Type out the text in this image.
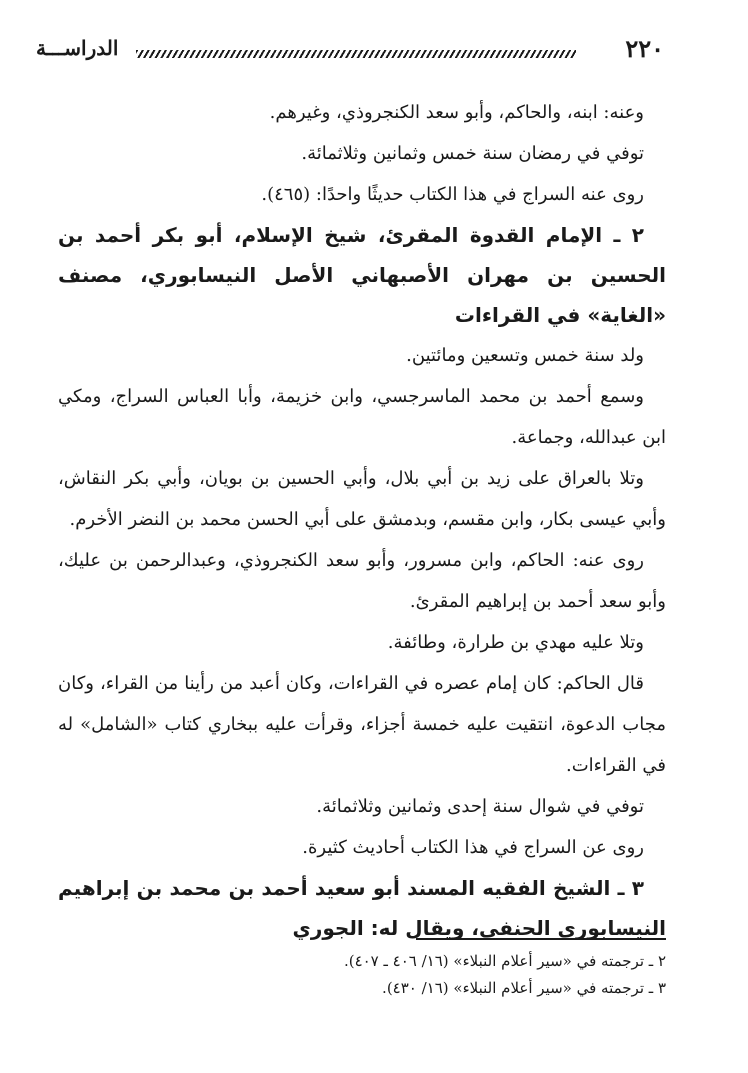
٢٢٠
الدراســـة

وعنه: ابنه، والحاكم، وأبو سعد الكنجروذي، وغيرهم.

توفي في رمضان سنة خمس وثمانين وثلاثمائة.

روى عنه السراج في هذا الكتاب حديثًا واحدًا: (٤٦٥).

٢ ـ الإمام القدوة المقرئ، شيخ الإسلام، أبو بكر أحمد بن الحسين بن مهران الأصبهاني الأصل النيسابوري، مصنف «الغاية» في القراءات

ولد سنة خمس وتسعين ومائتين.

وسمع أحمد بن محمد الماسرجسي، وابن خزيمة، وأبا العباس السراج، ومكي ابن عبدالله، وجماعة.

وتلا بالعراق على زيد بن أبي بلال، وأبي الحسين بن بويان، وأبي بكر النقاش، وأبي عيسى بكار، وابن مقسم، وبدمشق على أبي الحسن محمد بن النضر الأخرم.

روى عنه: الحاكم، وابن مسرور، وأبو سعد الكنجروذي، وعبدالرحمن بن عليك، وأبو سعد أحمد بن إبراهيم المقرئ.

وتلا عليه مهدي بن طرارة، وطائفة.

قال الحاكم: كان إمام عصره في القراءات، وكان أعبد من رأينا من القراء، وكان مجاب الدعوة، انتقيت عليه خمسة أجزاء، وقرأت عليه ببخاري كتاب «الشامل» له في القراءات.

توفي في شوال سنة إحدى وثمانين وثلاثمائة.

روى عن السراج في هذا الكتاب أحاديث كثيرة.

٣ ـ الشيخ الفقيه المسند أبو سعيد أحمد بن محمد بن إبراهيم النيسابوري الحنفي، ويقال له: الجوري

٢ ـ ترجمته في «سير أعلام النبلاء» (١٦/ ٤٠٦ ـ ٤٠٧).

٣ ـ ترجمته في «سير أعلام النبلاء» (١٦/ ٤٣٠).
